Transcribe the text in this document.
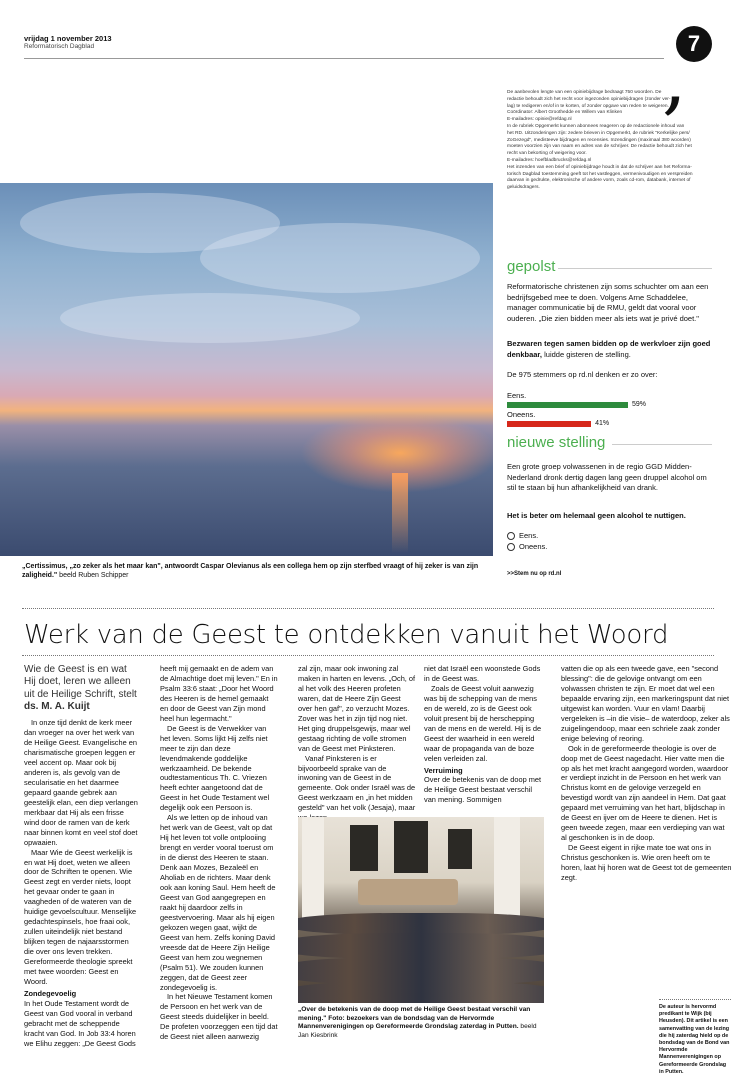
vrijdag 1 november 2013
Reformatorisch Dagblad	7
,

De aanbevolen lengte van een opiniebijdrage bedraagt 750 woorden. De

redactie behoudt zich het recht voor ingezonden opiniebijdragen (zonder ver-

lag) te redigeren en/of in te korten, of zonder opgave van reden te weigeren.

Coördinator: Albert Groothedde en Willem van Klinken

E-mailadres: opinie@refdag.nl

In de rubriek Opgemerkt kunnen abonnees reageren op de redactionele inhoud van

het RD. Uitzonderingen zijn: zedere brieven in Opgemerkt, de rubriek "Kerkelijke pers/

ZoGezegd", medisteeve bijdragen en recensies. Inzendingen (maximaal 380 woorden)

moeten voorzien zijn van naam en adres van de schrijver. De redactie behoudt zich het

recht van bekorting of weigering voor.

E-mailadres: hoefbladbrucks@refdag.nl

Het inzenden van een brief of opiniebijdrage houdt in dat de schrijver aan het Reforma-

torisch Dagblad toestemming geeft tot het vastleggen, vermenivoudigen en verspreiden

daarvan in gedrukte, elektronische of andere vorm, zoals cd-rom, databank, internet of

geluidsdragers.

„Certissimus, „zo zeker als het maar kan", antwoordt Caspar Olevianus als een collega hem op zijn sterfbed vraagt of hij zeker is van zijn zaligheid." beeld Ruben Schipper
gepolst
Reformatorische christenen zijn soms schuchter om aan een bedrijfsgebed mee te doen. Volgens Arne Schaddelee, manager communicatie bij de RMU, geldt dat vooral voor ouderen. „Die zien bidden meer als iets wat je privé doet."
Bezwaren tegen samen bidden op de werkvloer zijn goed denkbaar, luidde gisteren de stelling.
De 975 stemmers op rd.nl denken er zo over:
Eens.
59%
Oneens.
41%
nieuwe stelling
Een grote groep volwassenen in de regio GGD Midden-Nederland dronk dertig dagen lang geen druppel alcohol om stil te staan bij hun afhankelijkheid van drank.
Het is beter om helemaal geen alcohol te nuttigen.
Eens.
Oneens.
>>Stem nu op rd.nl
Werk van de Geest te ontdekken vanuit het Woord
Wie de Geest is en wat Hij doet, leren we alleen uit de Heilige Schrift, stelt ds. M. A. Kuijt

In onze tijd denkt de kerk meer dan vroeger na over het werk van de Heilige Geest. Evangelische en charismatische groepen leggen er veel accent op. Maar ook bij anderen is, als gevolg van de secularisatie en het daarmee gepaard gaande gebrek aan geestelijk elan, een diep verlangen merkbaar dat Hij als een frisse wind door de ramen van de kerk naar binnen komt en veel stof doet opwaaien.

Maar Wie de Geest werkelijk is en wat Hij doet, weten we alleen door de Schriften te openen. Wie Geest zegt en verder niets, loopt het gevaar onder te gaan in vaagheden of de wateren van de huidige gevoelscultuur. Menselijke gedachtespinsels, hoe fraai ook, zullen uiteindelijk niet bestand blijken tegen de najaarsstormen die over ons leven trekken. Gereformeerde theologie spreekt met twee woorden: Geest en Woord.

Zondegevoelig

In het Oude Testament wordt de Geest van God vooral in verband gebracht met de scheppende kracht van God. In Job 33:4 horen we Elihu zeggen: „De Geest Gods

heeft mij gemaakt en de adem van de Almachtige doet mij leven." En in Psalm 33:6 staat: „Door het Woord des Heeren is de hemel gemaakt en door de Geest van Zijn mond heel hun legermacht."

De Geest is de Verwekker van het leven. Soms lijkt Hij zelfs niet meer te zijn dan deze levendmakende goddelijke werkzaamheid. De bekende oudtestamenticus Th. C. Vriezen heeft echter aangetoond dat de Geest in het Oude Testament wel degelijk ook een Persoon is.

Als we letten op de inhoud van het werk van de Geest, valt op dat Hij het leven tot volle ontplooiing brengt en verder vooral toerust om in de dienst des Heeren te staan. Denk aan Mozes, Bezaleël en Aholiab en de richters. Maar denk ook aan koning Saul. Hem heeft de Geest van God aangegrepen en raakt hij daardoor zelfs in geestvervoering. Maar als hij eigen gekozen wegen gaat, wijkt de Geest van hem. Zelfs koning David vreesde dat de Heere Zijn Heilige Geest van hem zou wegnemen (Psalm 51). We zouden kunnen zeggen, dat de Geest zeer zondegevoelig is.

In het Nieuwe Testament komen de Persoon en het werk van de Geest steeds duidelijker in beeld. De profeten voorzeggen een tijd dat de Geest niet alleen aanwezig

zal zijn, maar ook inwoning zal maken in harten en levens. „Och, of al het volk des Heeren profeten waren, dat de Heere Zijn Geest over hen gaf", zo verzucht Mozes. Zover was het in zijn tijd nog niet. Het ging druppelsgewijs, maar wel gestaag richting de volle stromen van de Geest met Pinksteren.

Vanaf Pinksteren is er bijvoorbeeld sprake van de inwoning van de Geest in de gemeente. Ook onder Israël was de Geest werkzaam en „in het midden gesteld" van het volk (Jesaja), maar

niet dat Israël een woonstede Gods in de Geest was.

Zoals de Geest voluit aanwezig was bij de schepping van de mens en de wereld, zo is de Geest ook voluit present bij de herschepping van de mens en de wereld. Hij is de Geest der waarheid in een wereld waar de propaganda van de boze velen verleiden zal.

Verruiming

Over de betekenis van de doop met de Heilige Geest bestaat verschil van mening. Sommigen

vatten die op als een tweede gave, een "second blessing": die de gelovige ontvangt om een volwassen christen te zijn. Er moet dat wel een bepaalde ervaring zijn, een markeringspunt dat niet uitgewist kan worden. Vuur en vlam! Daarbij vergeleken is –in die visie– de waterdoop, zeker als zuigelingendoop, maar een schriele zaak zonder enige beleving of reoring.

Ook in de gereformeerde theologie is over de doop met de Geest nagedacht. Hier vatte men die op als het met kracht aangegord worden, waardoor er verdiept inzicht in de Persoon en het werk van Christus komt en de gelovige verzegeld en bevestigd wordt van zijn aandeel in Hem. Dat gaat gepaard met verruiming van het hart, blijdschap in de Geest en ijver om de Heere te dienen. Het is geen tweede zegen, maar een verdieping van wat al geschonken is in de doop.

De Geest eigent in rijke mate toe wat ons in Christus geschonken is. Wie oren heeft om te horen, laat hij horen wat de Geest tot de gemeenten zegt.

„Over de betekenis van de doop met de Heilige Geest bestaat verschil van mening." Foto: bezoekers van de bondsdag van de Hervormde Mannenverenigingen op Gereformeerde Grondslag zaterdag in Putten. beeld Jan Kiesbrink
De auteur is hervormd predikant te Wijk (bij Heusden). Dit artikel is een samenvatting van de lezing die hij zaterdag hield op de bondsdag van de Bond van Hervormde Mannenverenigingen op Gereformeerde Grondslag in Putten.
